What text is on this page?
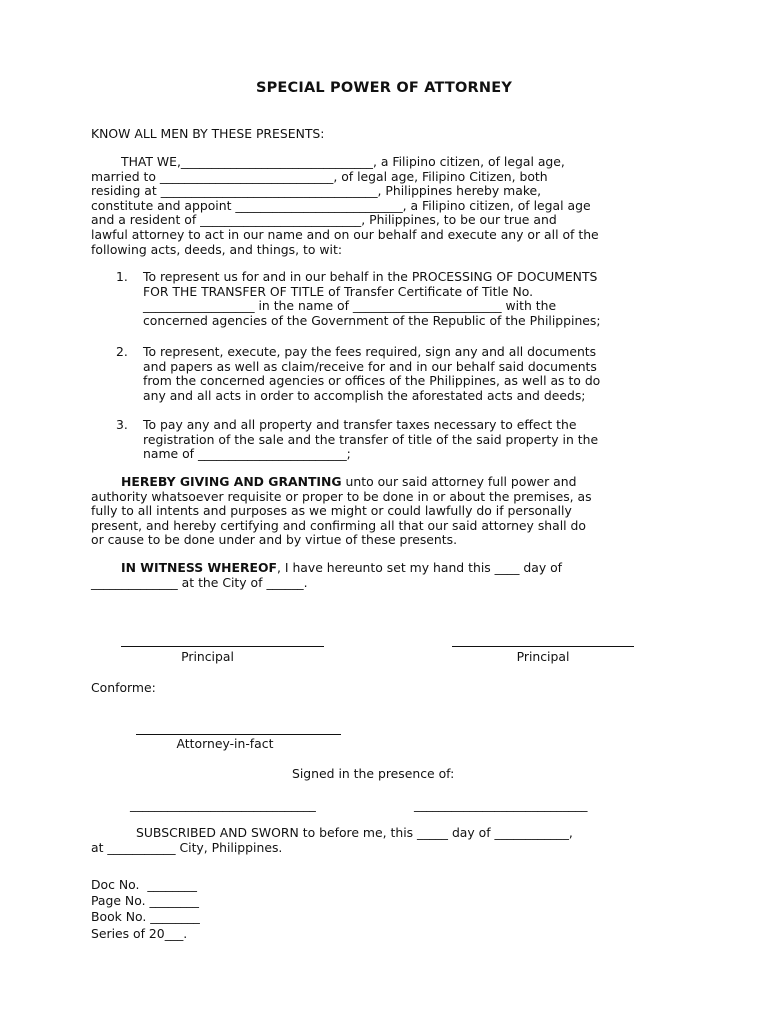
SPECIAL POWER OF ATTORNEY
KNOW ALL MEN BY THESE PRESENTS:

THAT WE,_______________________________, a Filipino citizen, of legal age,

married to ____________________________, of legal age, Filipino Citizen, both

residing at ___________________________________, Philippines hereby make,

constitute and appoint ___________________________, a Filipino citizen, of legal age

and a resident of __________________________, Philippines, to be our true and

lawful attorney to act in our name and on our behalf and execute any or all of the

following acts, deeds, and things, to wit:

1. To represent us for and in our behalf in the PROCESSING OF DOCUMENTS
FOR THE TRANSFER OF TITLE of Transfer Certificate of Title No.
__________________ in the name of ________________________ with the
concerned agencies of the Government of the Republic of the Philippines;
2. To represent, execute, pay the fees required, sign any and all documents
and papers as well as claim/receive for and in our behalf said documents
from the concerned agencies or offices of the Philippines, as well as to do
any and all acts in order to accomplish the aforestated acts and deeds;
3. To pay any and all property and transfer taxes necessary to effect the
registration of the sale and the transfer of title of the said property in the
name of ________________________;

HEREBY GIVING AND GRANTING unto our said attorney full power and

authority whatsoever requisite or proper to be done in or about the premises, as

fully to all intents and purposes as we might or could lawfully do if personally

present, and hereby certifying and confirming all that our said attorney shall do

or cause to be done under and by virtue of these presents.

IN WITNESS WHEREOF, I have hereunto set my hand this ____ day of

______________ at the City of ______.

Principal	Principal
Conforme:
Attorney-in-fact
Signed in the presence of:
______________________________	____________________________

SUBSCRIBED AND SWORN to before me, this _____ day of ____________,

at ___________ City, Philippines.

Doc No.  ________
Page No. ________
Book No. ________
Series of 20___.
